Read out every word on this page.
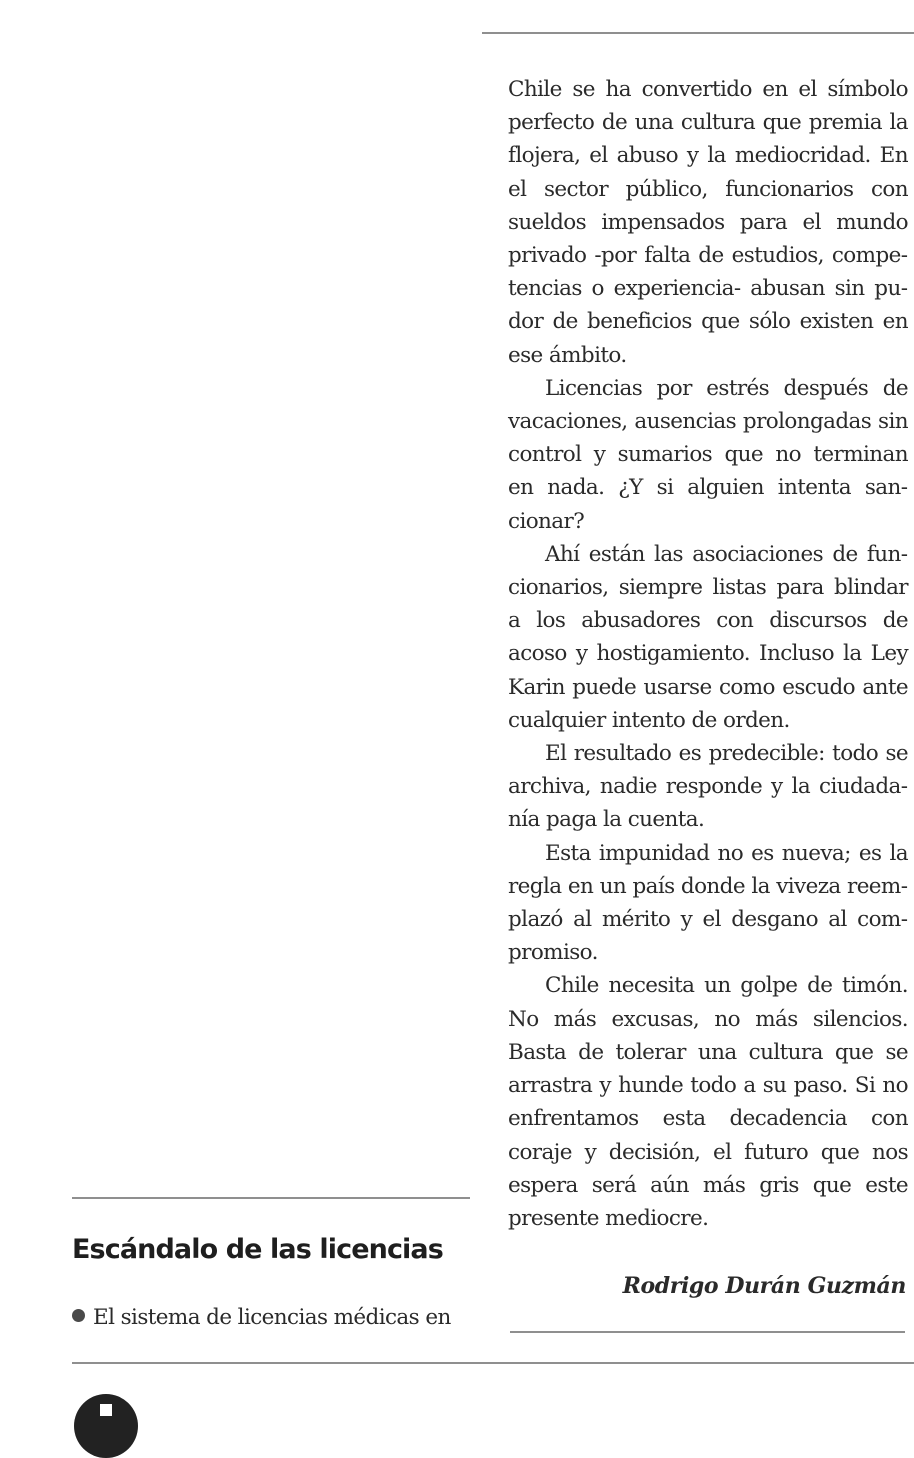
Chile se ha convertido en el símbolo perfecto de una cultura que premia la flojera, el abuso y la mediocridad. En el sector público, funcionarios con sueldos impensados para el mundo privado -por falta de estudios, competencias o experiencia- abusan sin pudor de beneficios que sólo existen en ese ámbito.

Licencias por estrés después de vacaciones, ausencias prolongadas sin control y sumarios que no terminan en nada. ¿Y si alguien intenta sancionar?

Ahí están las asociaciones de funcionarios, siempre listas para blindar a los abusadores con discursos de acoso y hostigamiento. Incluso la Ley Karin puede usarse como escudo ante cualquier intento de orden.

El resultado es predecible: todo se archiva, nadie responde y la ciudadanía paga la cuenta.

Esta impunidad no es nueva; es la regla en un país donde la viveza reemplazó al mérito y el desgano al compromiso.

Chile necesita un golpe de timón. No más excusas, no más silencios. Basta de tolerar una cultura que se arrastra y hunde todo a su paso. Si no enfrentamos esta decadencia con coraje y decisión, el futuro que nos espera será aún más gris que este presente mediocre.

Rodrigo Durán Guzmán
Escándalo de las licencias
El sistema de licencias médicas en
